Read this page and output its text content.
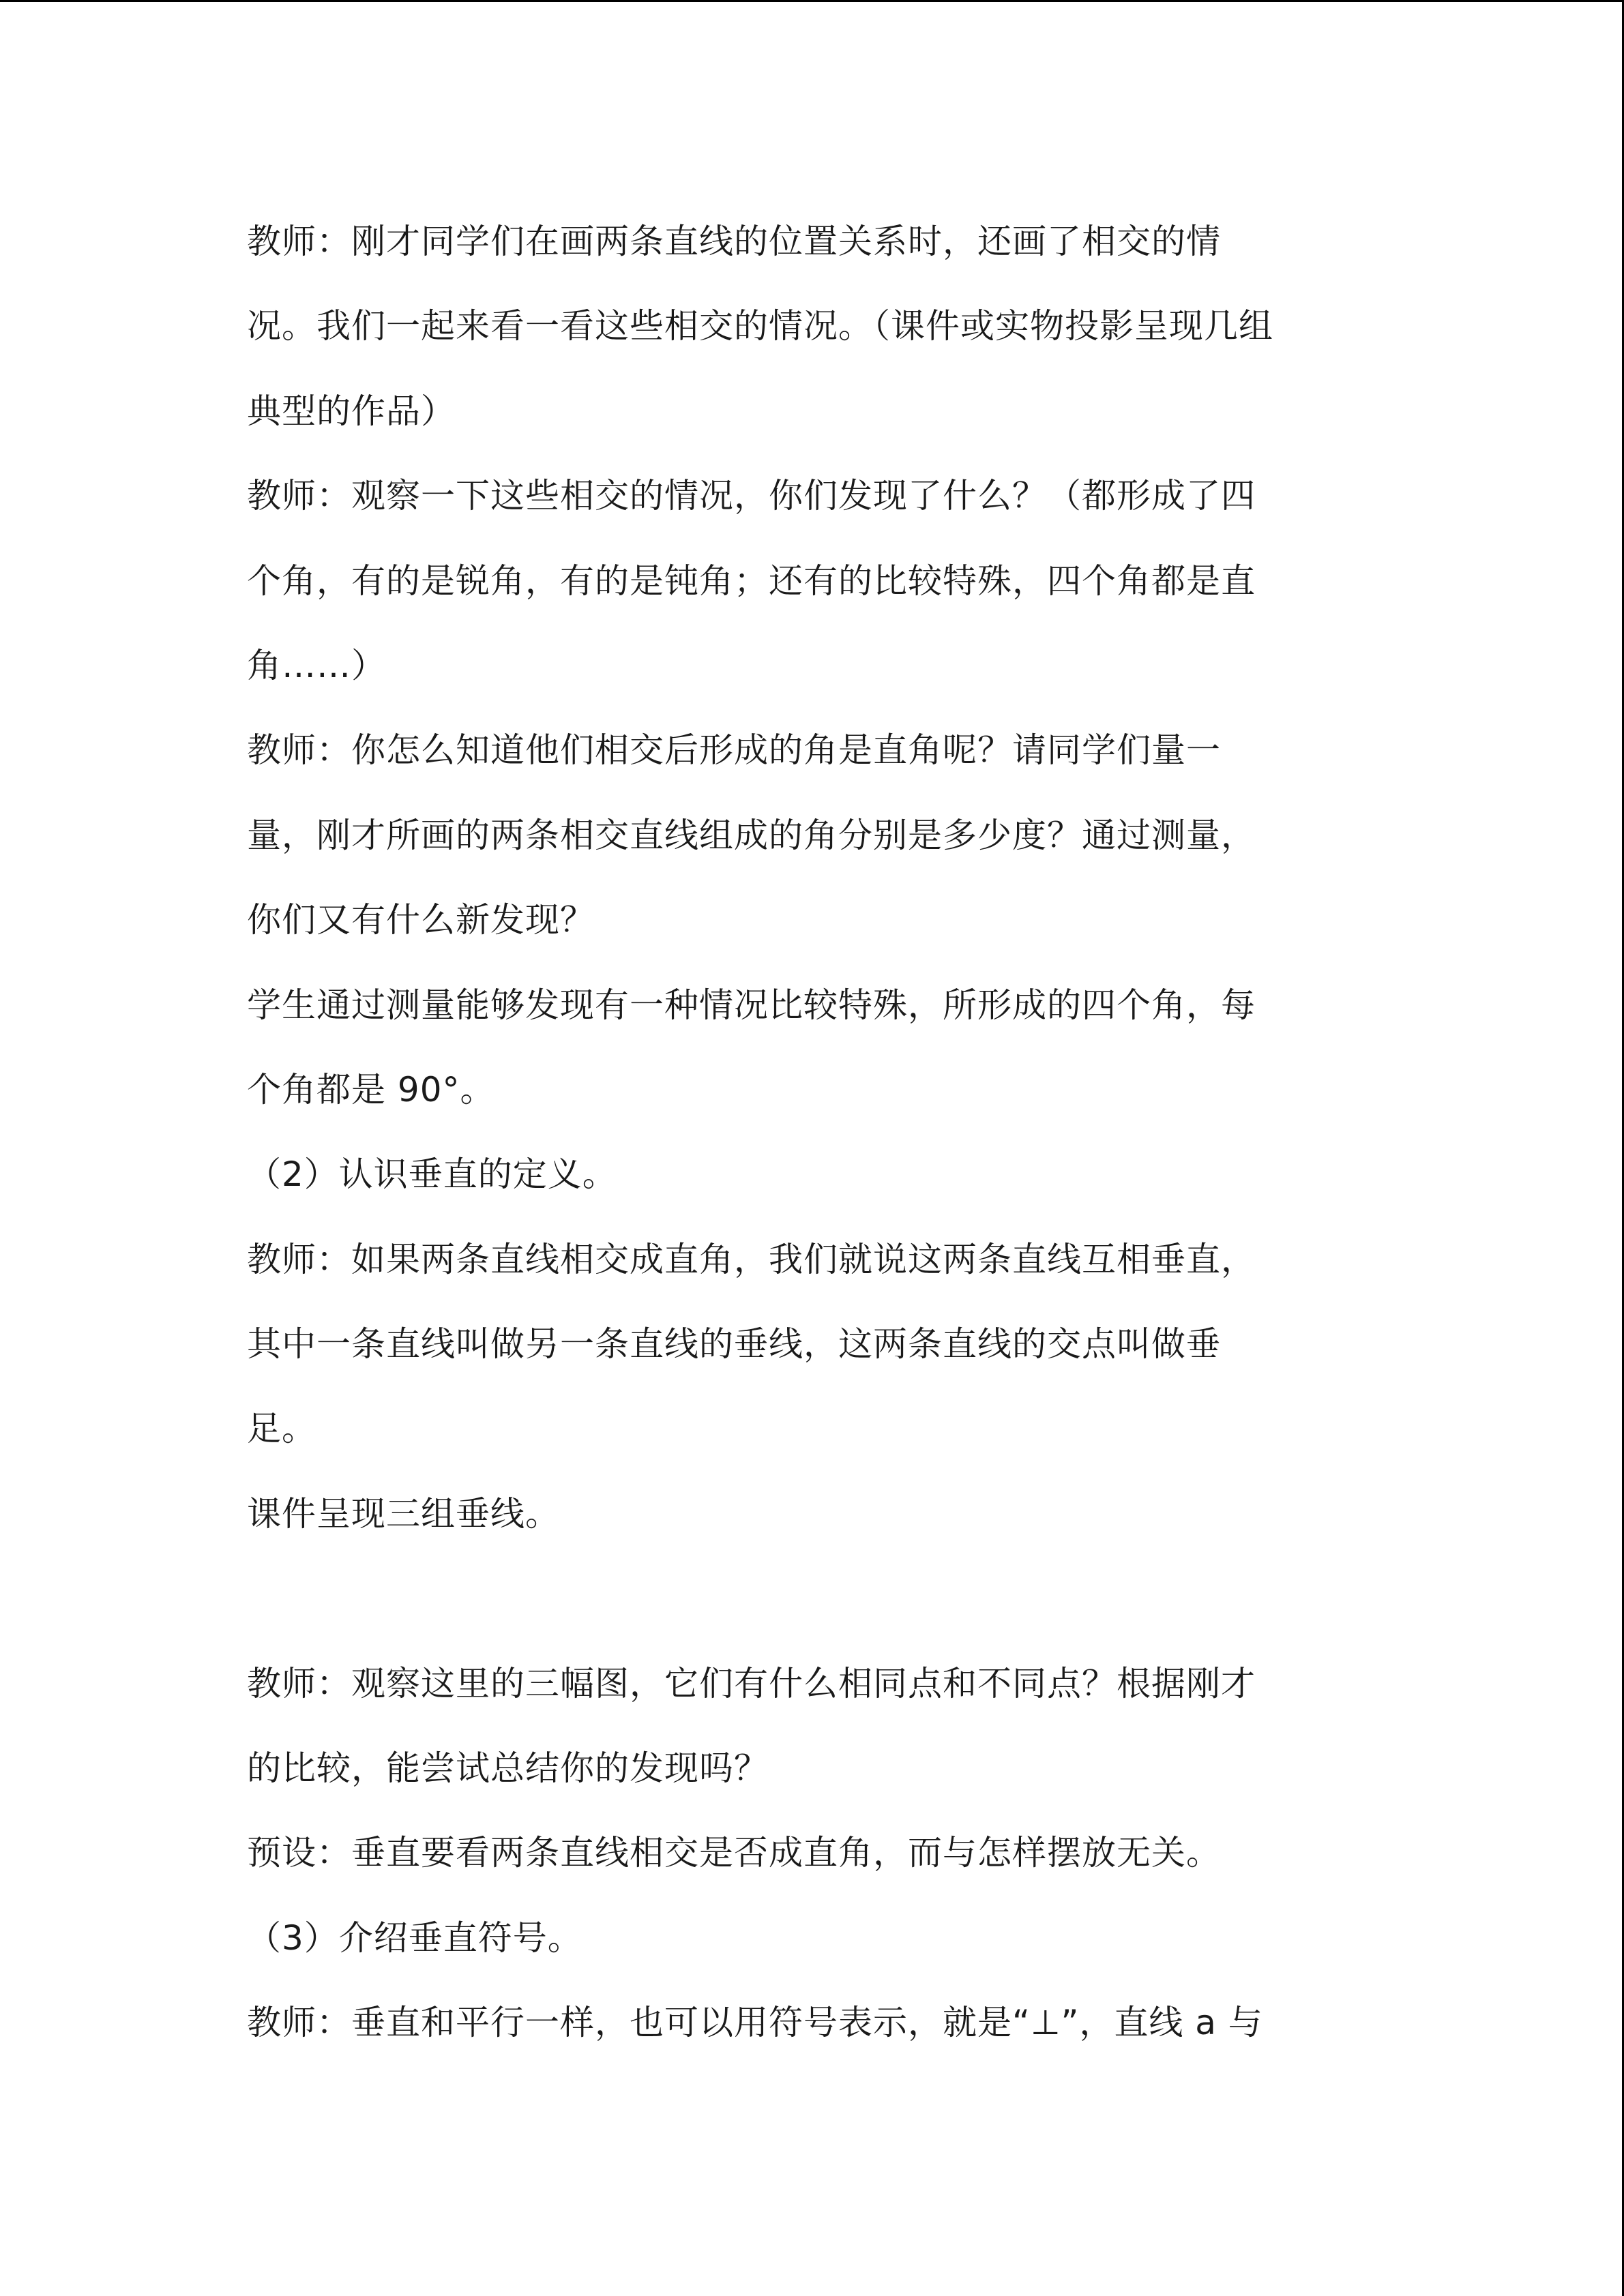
教师：刚才同学们在画两条直线的位置关系时，还画了相交的情
况。我们一起来看一看这些相交的情况。（课件或实物投影呈现几组
典型的作品）
教师：观察一下这些相交的情况，你们发现了什么？（都形成了四
个角，有的是锐角，有的是钝角；还有的比较特殊，四个角都是直
角……）
教师：你怎么知道他们相交后形成的角是直角呢？请同学们量一
量，刚才所画的两条相交直线组成的角分别是多少度？通过测量，
你们又有什么新发现？
学生通过测量能够发现有一种情况比较特殊，所形成的四个角，每
个角都是 90°。
（2）认识垂直的定义。
教师：如果两条直线相交成直角，我们就说这两条直线互相垂直，
其中一条直线叫做另一条直线的垂线，这两条直线的交点叫做垂
足。
课件呈现三组垂线。
教师：观察这里的三幅图，它们有什么相同点和不同点？根据刚才
的比较，能尝试总结你的发现吗？
预设：垂直要看两条直线相交是否成直角，而与怎样摆放无关。
（3）介绍垂直符号。
教师：垂直和平行一样，也可以用符号表示，就是“⊥”，直线 a 与
